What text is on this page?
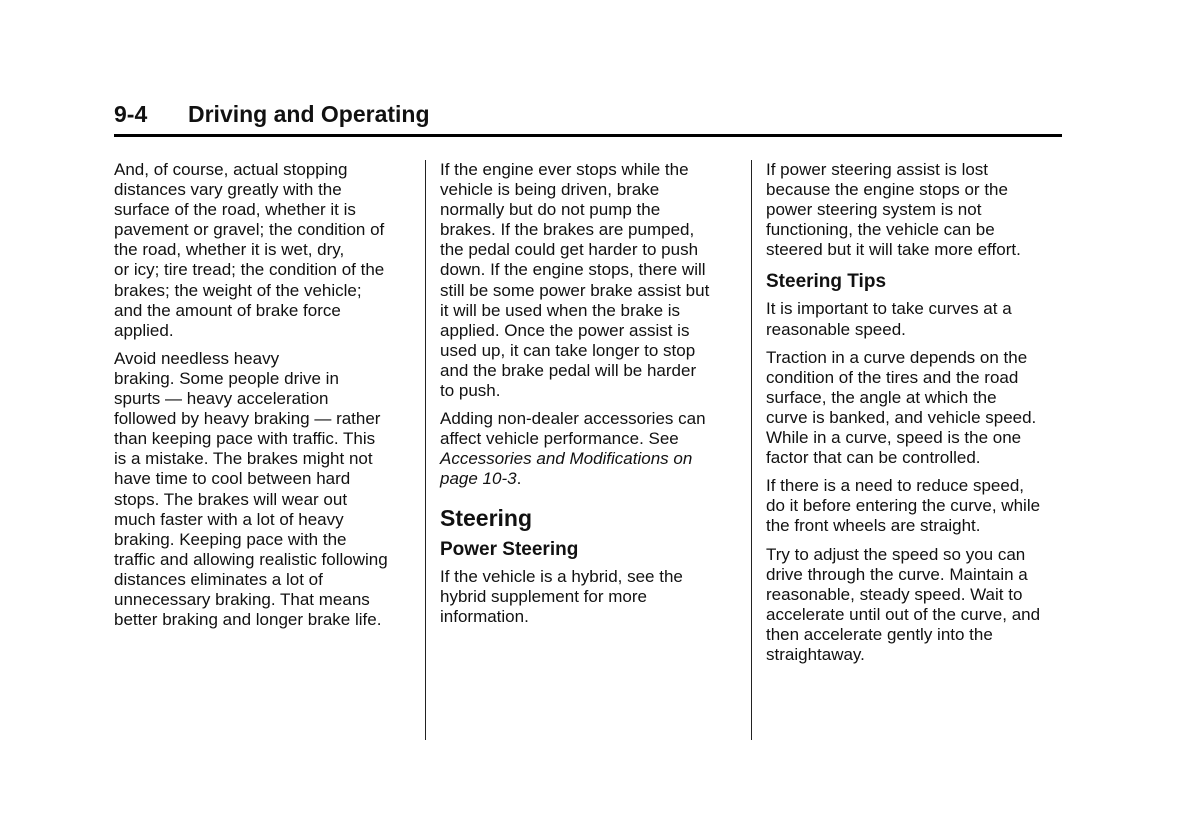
9-4	Driving and Operating

And, of course, actual stopping
distances vary greatly with the
surface of the road, whether it is
pavement or gravel; the condition of
the road, whether it is wet, dry,
or icy; tire tread; the condition of the
brakes; the weight of the vehicle;
and the amount of brake force
applied.

Avoid needless heavy
braking. Some people drive in
spurts — heavy acceleration
followed by heavy braking — rather
than keeping pace with traffic. This
is a mistake. The brakes might not
have time to cool between hard
stops. The brakes will wear out
much faster with a lot of heavy
braking. Keeping pace with the
traffic and allowing realistic following
distances eliminates a lot of
unnecessary braking. That means
better braking and longer brake life.

If the engine ever stops while the
vehicle is being driven, brake
normally but do not pump the
brakes. If the brakes are pumped,
the pedal could get harder to push
down. If the engine stops, there will
still be some power brake assist but
it will be used when the brake is
applied. Once the power assist is
used up, it can take longer to stop
and the brake pedal will be harder
to push.

Adding non-dealer accessories can
affect vehicle performance. See
Accessories and Modifications on
page 10-3.

Steering
Power Steering

If the vehicle is a hybrid, see the
hybrid supplement for more
information.

If power steering assist is lost
because the engine stops or the
power steering system is not
functioning, the vehicle can be
steered but it will take more effort.

Steering Tips

It is important to take curves at a
reasonable speed.

Traction in a curve depends on the
condition of the tires and the road
surface, the angle at which the
curve is banked, and vehicle speed.
While in a curve, speed is the one
factor that can be controlled.

If there is a need to reduce speed,
do it before entering the curve, while
the front wheels are straight.

Try to adjust the speed so you can
drive through the curve. Maintain a
reasonable, steady speed. Wait to
accelerate until out of the curve, and
then accelerate gently into the
straightaway.
